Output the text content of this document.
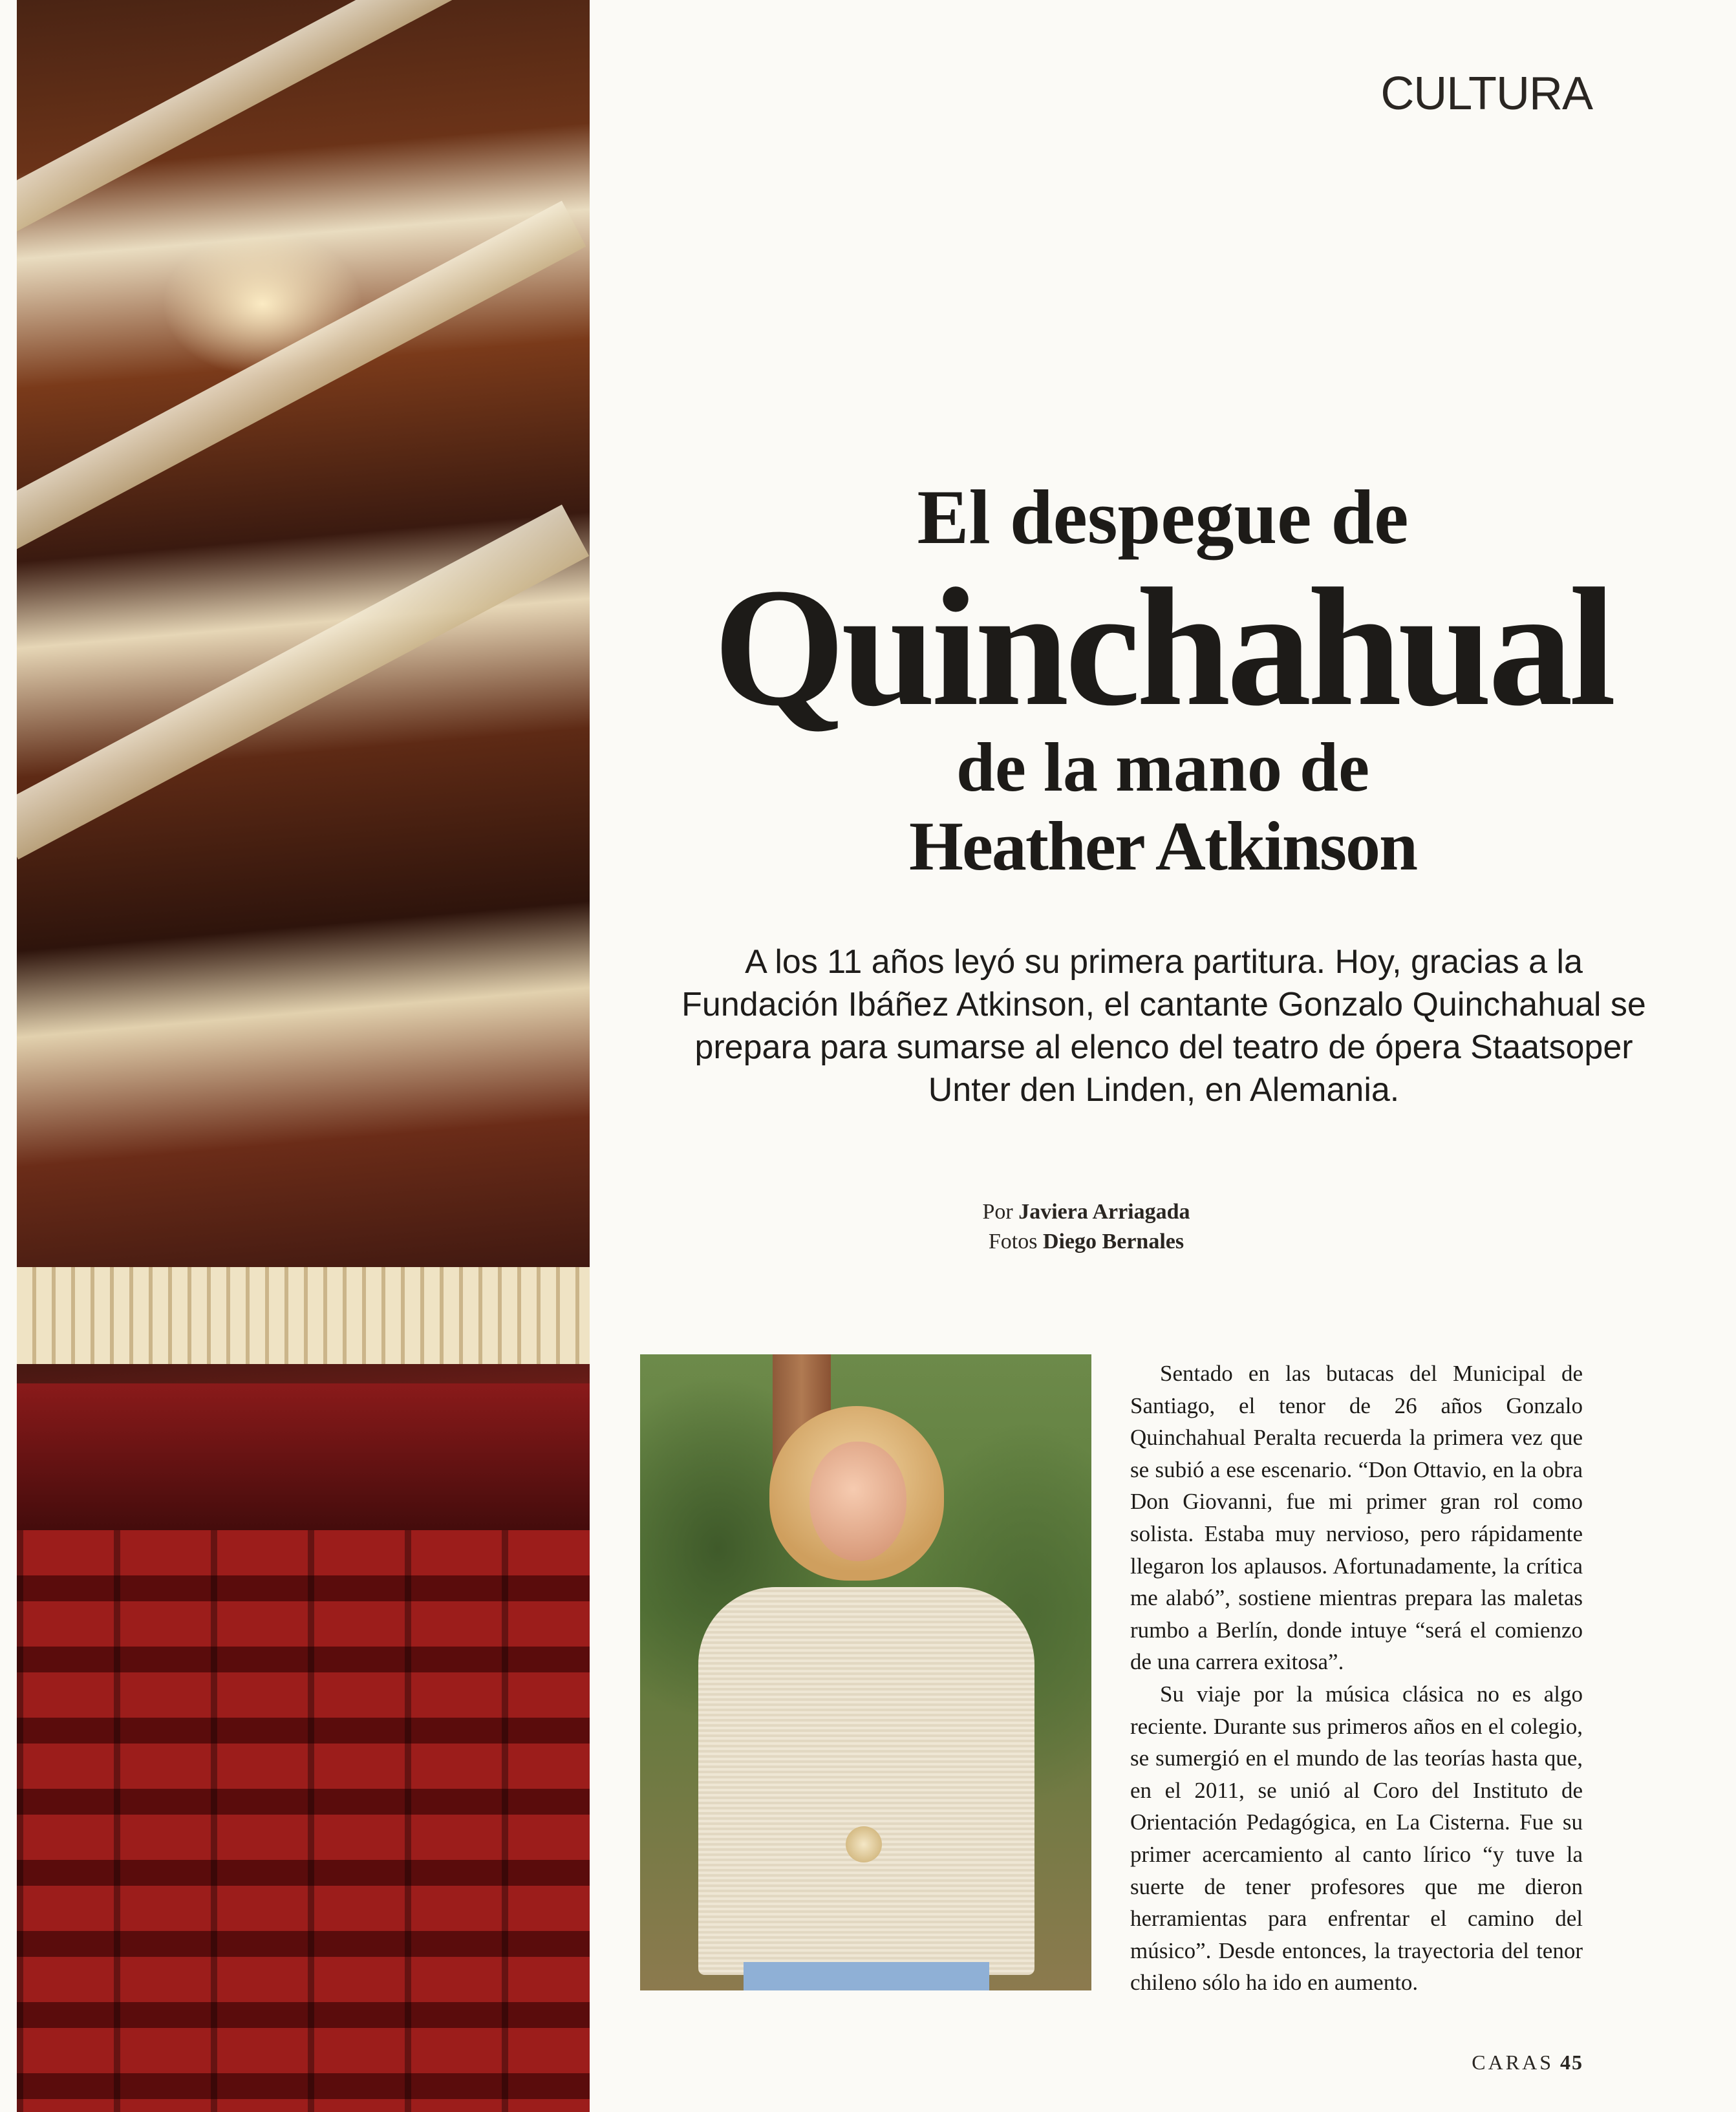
CULTURA
El despegue de
Quinchahual
de la mano de
Heather Atkinson
A los 11 años leyó su primera partitura. Hoy, gracias a la Fundación Ibáñez Atkinson, el cantante Gonzalo Quinchahual se prepara para sumarse al elenco del teatro de ópera Staatsoper Unter den Linden, en Alemania.
Por Javiera Arriagada
Fotos Diego Bernales

Sentado en las butacas del Municipal de Santiago, el tenor de 26 años Gonzalo Quinchahual Peralta recuerda la primera vez que se subió a ese escenario. “Don Ottavio, en la obra Don Giovanni, fue mi primer gran rol como solista. Estaba muy nervioso, pero rápidamente llegaron los aplausos. Afortunadamente, la crítica me alabó”, sostiene mientras prepara las maletas rumbo a Berlín, donde intuye “será el comienzo de una carrera exitosa”.

Su viaje por la música clásica no es algo reciente. Durante sus primeros años en el colegio, se sumergió en el mundo de las teorías hasta que, en el 2011, se unió al Coro del Instituto de Orientación Pedagógica, en La Cisterna. Fue su primer acercamiento al canto lírico “y tuve la suerte de tener profesores que me dieron herramientas para enfrentar el camino del músico”. Desde entonces, la trayectoria del tenor chileno sólo ha ido en aumento.

CARAS 45
